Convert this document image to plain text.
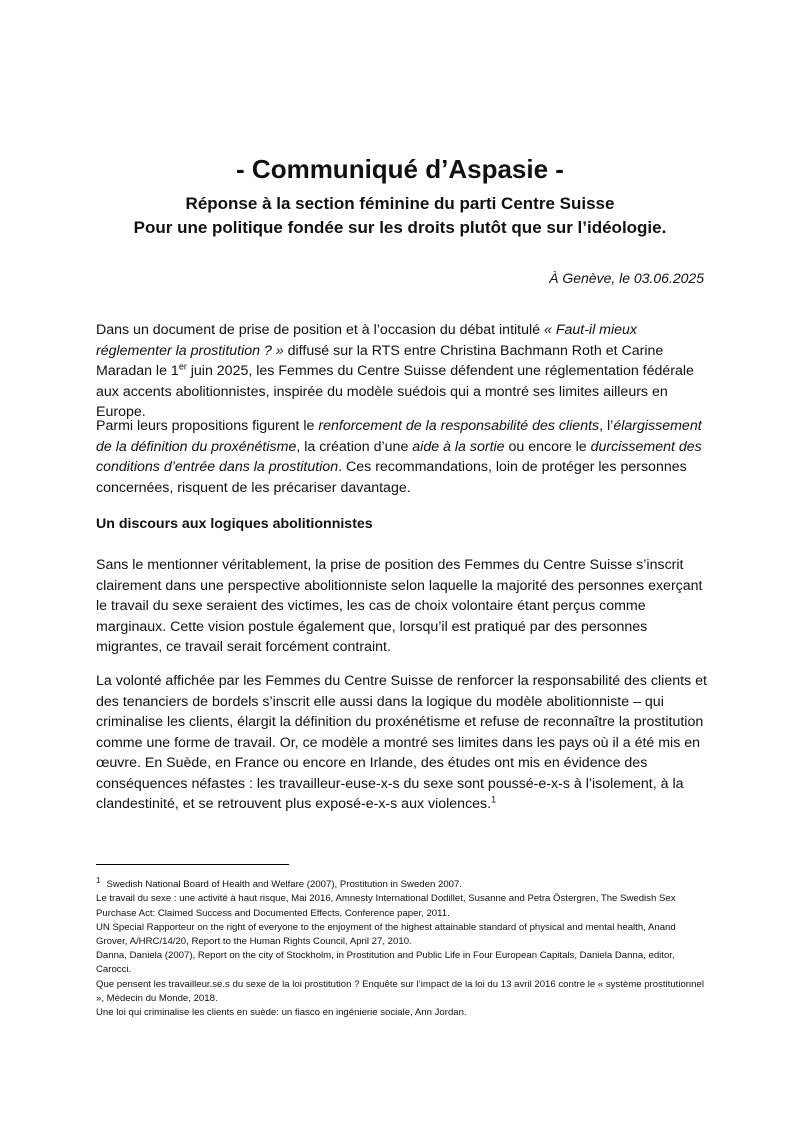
- Communiqué d’Aspasie -
Réponse à la section féminine du parti Centre Suisse
Pour une politique fondée sur les droits plutôt que sur l’idéologie.
À Genève, le 03.06.2025

Dans un document de prise de position et à l’occasion du débat intitulé « Faut-il mieux réglementer la prostitution ? » diffusé sur la RTS entre Christina Bachmann Roth et Carine Maradan le 1er juin 2025, les Femmes du Centre Suisse défendent une réglementation fédérale aux accents abolitionnistes, inspirée du modèle suédois qui a montré ses limites ailleurs en Europe.

Parmi leurs propositions figurent le renforcement de la responsabilité des clients, l’élargissement de la définition du proxénétisme, la création d’une aide à la sortie ou encore le durcissement des conditions d’entrée dans la prostitution. Ces recommandations, loin de protéger les personnes concernées, risquent de les précariser davantage.

Un discours aux logiques abolitionnistes

Sans le mentionner véritablement, la prise de position des Femmes du Centre Suisse s’inscrit clairement dans une perspective abolitionniste selon laquelle la majorité des personnes exerçant le travail du sexe seraient des victimes, les cas de choix volontaire étant perçus comme marginaux. Cette vision postule également que, lorsqu’il est pratiqué par des personnes migrantes, ce travail serait forcément contraint.

La volonté affichée par les Femmes du Centre Suisse de renforcer la responsabilité des clients et des tenanciers de bordels s’inscrit elle aussi dans la logique du modèle abolitionniste – qui criminalise les clients, élargit la définition du proxénétisme et refuse de reconnaître la prostitution comme une forme de travail. Or, ce modèle a montré ses limites dans les pays où il a été mis en œuvre. En Suède, en France ou encore en Irlande, des études ont mis en évidence des conséquences néfastes : les travailleur-euse-x-s du sexe sont poussé-e-x-s à l’isolement, à la clandestinité, et se retrouvent plus exposé-e-x-s aux violences.$^1$

$^1$ Swedish National Board of Health and Welfare (2007), Prostitution in Sweden 2007.

Le travail du sexe : une activité à haut risque, Mai 2016, Amnesty International Dodillet, Susanne and Petra Östergren, The Swedish Sex Purchase Act: Claimed Success and Documented Effects, Conference paper, 2011.

UN Special Rapporteur on the right of everyone to the enjoyment of the highest attainable standard of physical and mental health, Anand Grover, A/HRC/14/20, Report to the Human Rights Council, April 27, 2010.

Danna, Daniela (2007), Report on the city of Stockholm, in Prostitution and Public Life in Four European Capitals, Daniela Danna, editor, Carocci.

Que pensent les travailleur.se.s du sexe de la loi prostitution ? Enquête sur l’impact de la loi du 13 avril 2016 contre le « système prostitutionnel », Médecin du Monde, 2018.

Une loi qui criminalise les clients en suède: un fiasco en ingénierie sociale, Ann Jordan.
